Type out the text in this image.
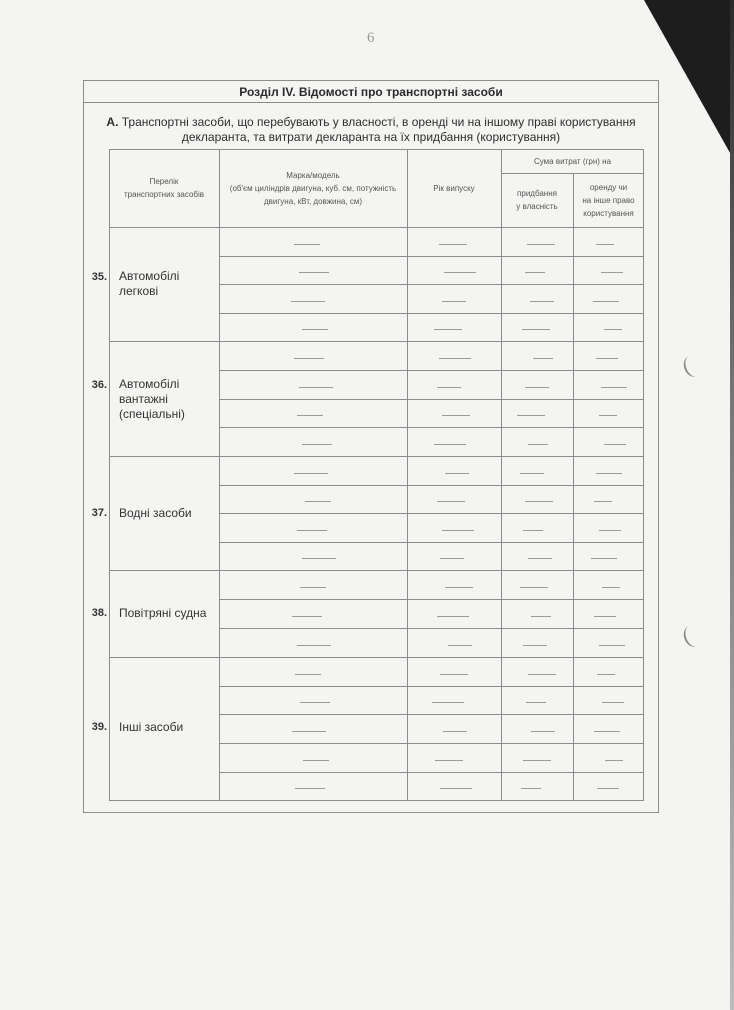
6
Розділ IV. Відомості про транспортні засоби
А. Транспортні засоби, що перебувають у власності, в оренді чи на іншому праві користування
декларанта, та витрати декларанта на їх придбання (користування)
Перелік
транспортних засобів
Марка/модель
(об'єм циліндрів двигуна, куб. см, потужність
двигуна, кВт, довжина, см)
Рік випуску
Сума витрат (грн) на
придбання
у власність
оренду чи
на інше право
користування
35. Автомобілі легкові
36. Автомобілі вантажні (спеціальні)
37. Водні засоби
38. Повітряні судна
39. Інші засоби
